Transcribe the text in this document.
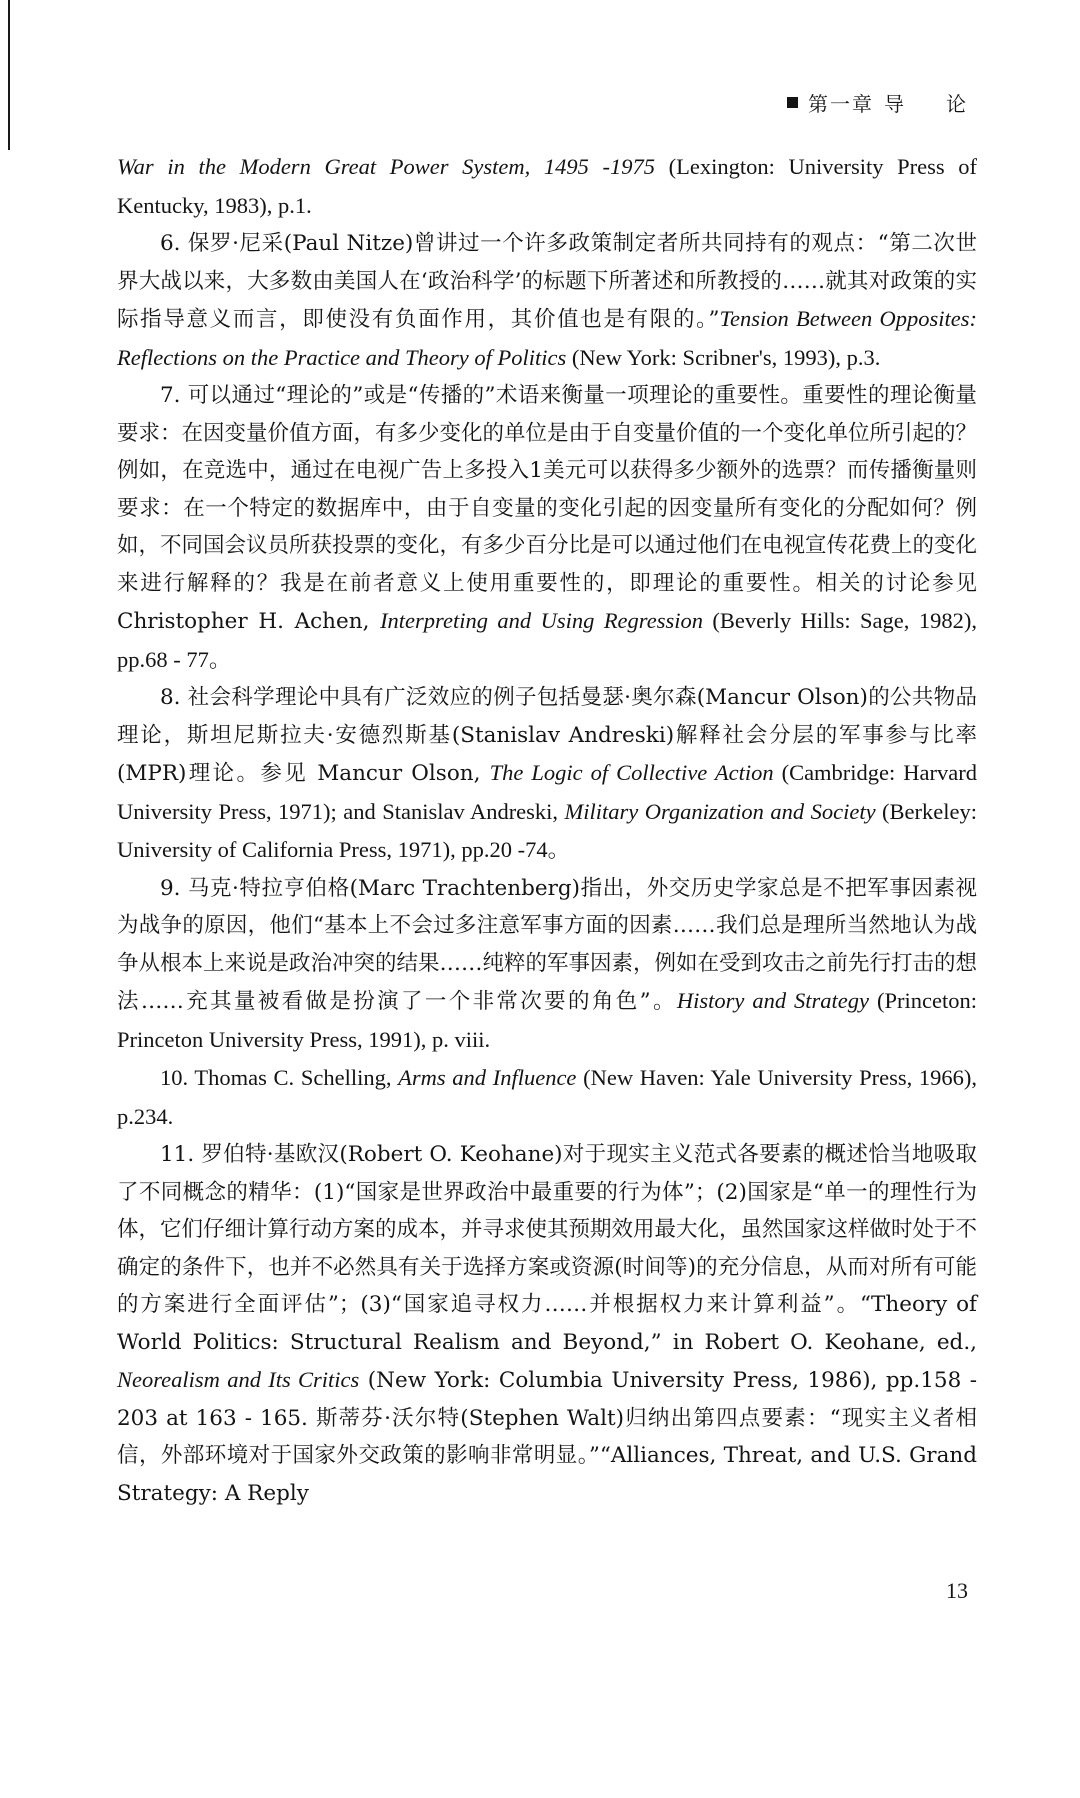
第一章 导 论

War in the Modern Great Power System, 1495 -1975 (Lexington: University Press of Kentucky, 1983), p.1.

6. 保罗·尼采(Paul Nitze)曾讲过一个许多政策制定者所共同持有的观点：“第二次世界大战以来，大多数由美国人在‘政治科学’的标题下所著述和所教授的……就其对政策的实际指导意义而言，即使没有负面作用，其价值也是有限的。”Tension Between Opposites: Reflections on the Practice and Theory of Politics (New York: Scribner's, 1993), p.3.

7. 可以通过“理论的”或是“传播的”术语来衡量一项理论的重要性。重要性的理论衡量要求：在因变量价值方面，有多少变化的单位是由于自变量价值的一个变化单位所引起的？例如，在竞选中，通过在电视广告上多投入1美元可以获得多少额外的选票？而传播衡量则要求：在一个特定的数据库中，由于自变量的变化引起的因变量所有变化的分配如何？例如，不同国会议员所获投票的变化，有多少百分比是可以通过他们在电视宣传花费上的变化来进行解释的？我是在前者意义上使用重要性的，即理论的重要性。相关的讨论参见 Christopher H. Achen, Interpreting and Using Regression (Beverly Hills: Sage, 1982), pp.68 - 77。

8. 社会科学理论中具有广泛效应的例子包括曼瑟·奥尔森(Mancur Olson)的公共物品理论，斯坦尼斯拉夫·安德烈斯基(Stanislav Andreski)解释社会分层的军事参与比率(MPR)理论。参见 Mancur Olson, The Logic of Collective Action (Cambridge: Harvard University Press, 1971); and Stanislav Andreski, Military Organization and Society (Berkeley: University of California Press, 1971), pp.20 -74。

9. 马克·特拉亨伯格(Marc Trachtenberg)指出，外交历史学家总是不把军事因素视为战争的原因，他们“基本上不会过多注意军事方面的因素……我们总是理所当然地认为战争从根本上来说是政治冲突的结果……纯粹的军事因素，例如在受到攻击之前先行打击的想法……充其量被看做是扮演了一个非常次要的角色”。History and Strategy (Princeton: Princeton University Press, 1991), p. viii.

10. Thomas C. Schelling, Arms and Influence (New Haven: Yale University Press, 1966), p.234.

11. 罗伯特·基欧汉(Robert O. Keohane)对于现实主义范式各要素的概述恰当地吸取了不同概念的精华：(1)“国家是世界政治中最重要的行为体”；(2)国家是“单一的理性行为体，它们仔细计算行动方案的成本，并寻求使其预期效用最大化，虽然国家这样做时处于不确定的条件下，也并不必然具有关于选择方案或资源(时间等)的充分信息，从而对所有可能的方案进行全面评估”；(3)“国家追寻权力……并根据权力来计算利益”。“Theory of World Politics: Structural Realism and Beyond,” in Robert O. Keohane, ed., Neorealism and Its Critics (New York: Columbia University Press, 1986), pp.158 - 203 at 163 - 165. 斯蒂芬·沃尔特(Stephen Walt)归纳出第四点要素：“现实主义者相信，外部环境对于国家外交政策的影响非常明显。”“Alliances, Threat, and U.S. Grand Strategy: A Reply

13
